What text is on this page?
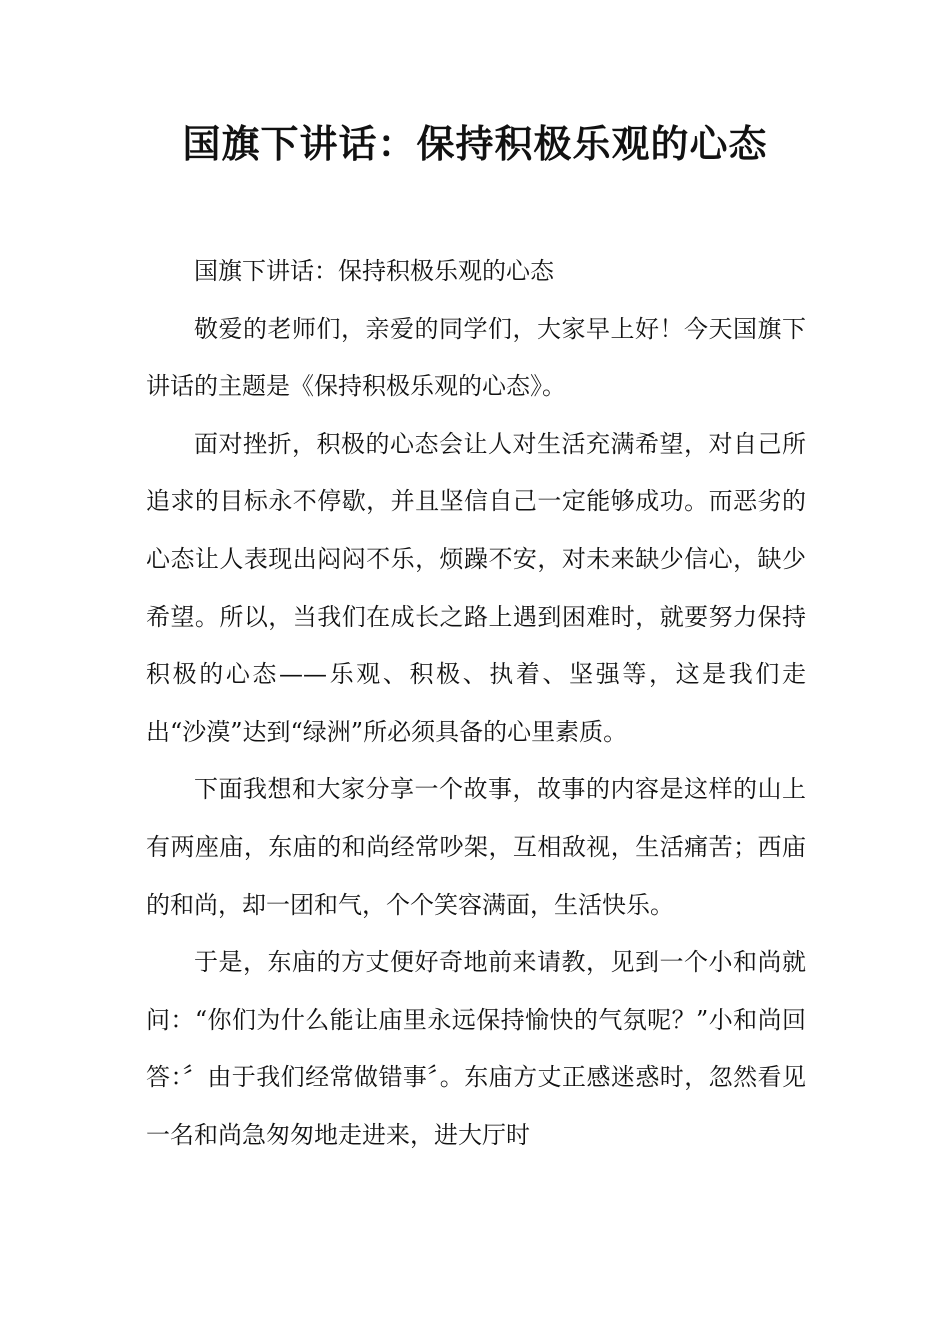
国旗下讲话：保持积极乐观的心态

国旗下讲话：保持积极乐观的心态

敬爱的老师们，亲爱的同学们，大家早上好！今天国旗下讲话的主题是《保持积极乐观的心态》。

面对挫折，积极的心态会让人对生活充满希望，对自己所追求的目标永不停歇，并且坚信自己一定能够成功。而恶劣的心态让人表现出闷闷不乐，烦躁不安，对未来缺少信心，缺少希望。所以，当我们在成长之路上遇到困难时，就要努力保持积极的心态——乐观、积极、执着、坚强等，这是我们走出“沙漠”达到“绿洲”所必须具备的心里素质。

下面我想和大家分享一个故事，故事的内容是这样的山上有两座庙，东庙的和尚经常吵架，互相敌视，生活痛苦；西庙的和尚，却一团和气，个个笑容满面，生活快乐。

于是，东庙的方丈便好奇地前来请教，见到一个小和尚就问：“你们为什么能让庙里永远保持愉快的气氛呢？”小和尚回答：〞由于我们经常做错事〞。东庙方丈正感迷惑时，忽然看见一名和尚急匆匆地走进来，进大厅时
